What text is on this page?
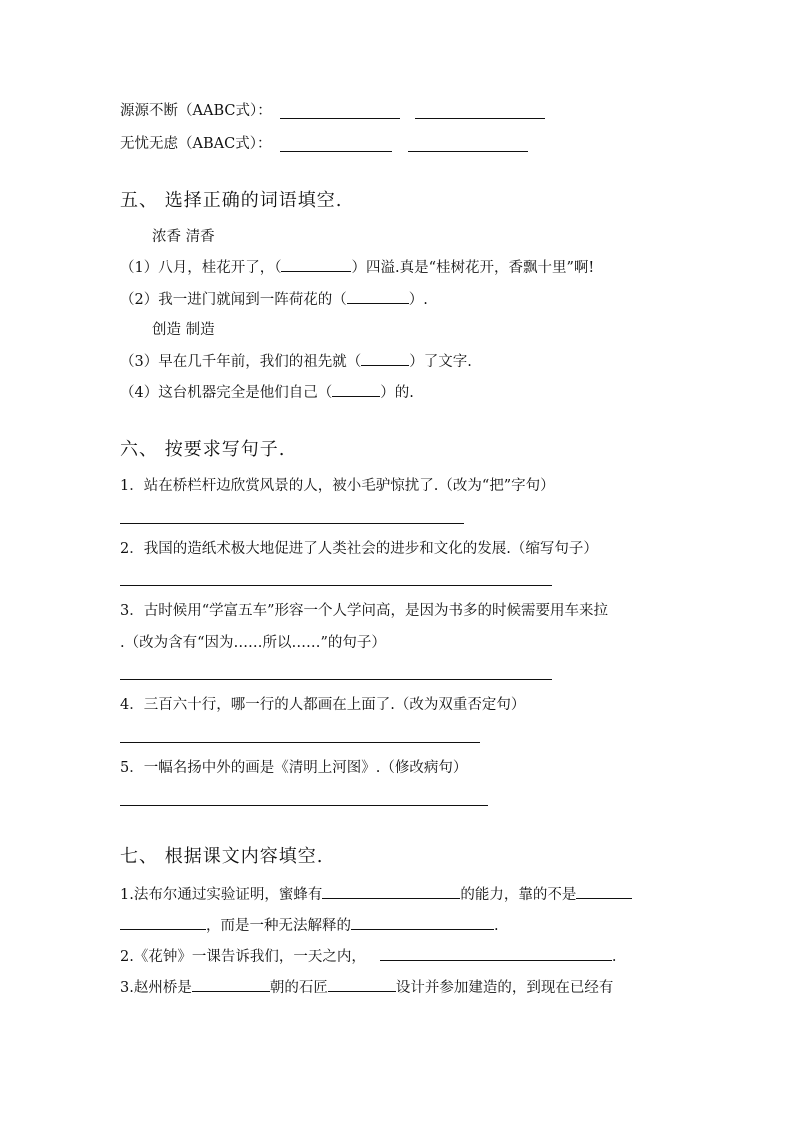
源源不断（AABC式）：
无忧无虑（ABAC式）：
五、 选择正确的词语填空.
浓香 清香
（1）八月，桂花开了，（	）四溢.真是“桂树花开，香飘十里”啊!
（2）我一进门就闻到一阵荷花的（	）.
创造 制造
（3）早在几千年前，我们的祖先就（	）了文字.
（4）这台机器完全是他们自己（	）的.
六、 按要求写句子.
1．站在桥栏杆边欣赏风景的人，被小毛驴惊扰了.（改为“把”字句）
2．我国的造纸术极大地促进了人类社会的进步和文化的发展.（缩写句子）
3．古时候用“学富五车”形容一个人学问高，是因为书多的时候需要用车来拉
.（改为含有“因为……所以……”的句子）
4．三百六十行，哪一行的人都画在上面了.（改为双重否定句）
5．一幅名扬中外的画是《清明上河图》.（修改病句）
七、 根据课文内容填空.
1.法布尔通过实验证明，蜜蜂有	的能力，靠的不是
，而是一种无法解释的	.
2.《花钟》一课告诉我们，一天之内，	.
3.赵州桥是	朝的石匠	设计并参加建造的，到现在已经有
